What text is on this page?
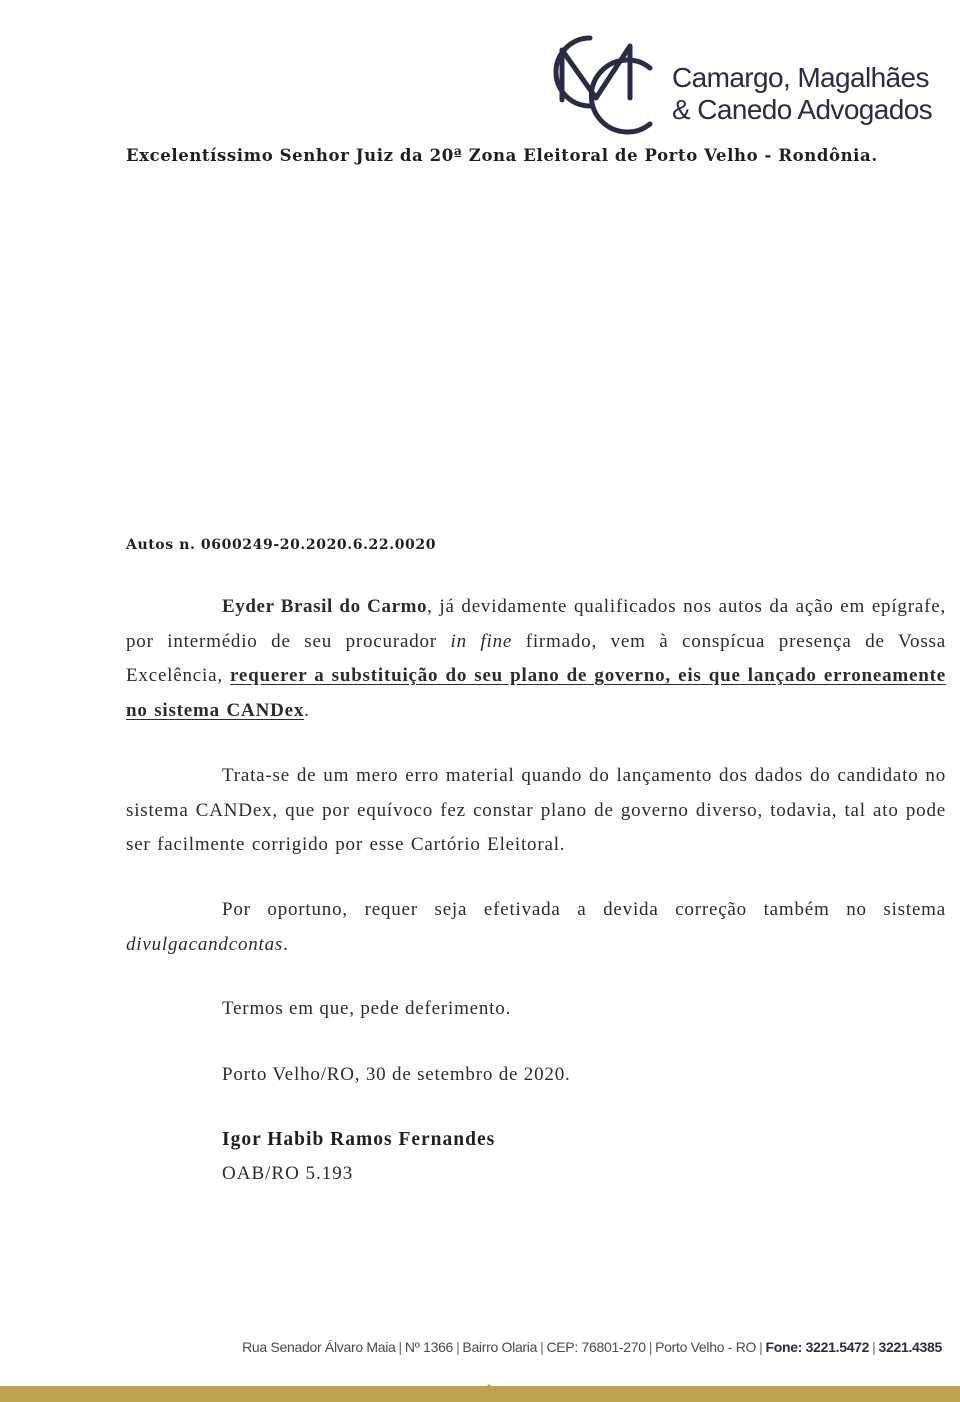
Camargo, Magalhães
& Canedo Advogados
Excelentíssimo Senhor Juiz da 20ª Zona Eleitoral de Porto Velho - Rondônia.
Autos n. 0600249-20.2020.6.22.0020

Eyder Brasil do Carmo, já devidamente qualificados nos autos da ação em epígrafe, por intermédio de seu procurador in fine firmado, vem à conspícua presença de Vossa Excelência, requerer a substituição do seu plano de governo, eis que lançado erroneamente no sistema CANDex.

Trata-se de um mero erro material quando do lançamento dos dados do candidato no sistema CANDex, que por equívoco fez constar plano de governo diverso, todavia, tal ato pode ser facilmente corrigido por esse Cartório Eleitoral.

Por oportuno, requer seja efetivada a devida correção também no sistema divulgacandcontas.

Termos em que, pede deferimento.
Porto Velho/RO, 30 de setembro de 2020.
Igor Habib Ramos Fernandes
OAB/RO 5.193
Rua Senador Álvaro Maia | Nº 1366 | Bairro Olaria | CEP: 76801-270 | Porto Velho - RO | Fone: 3221.5472 | 3221.4385
